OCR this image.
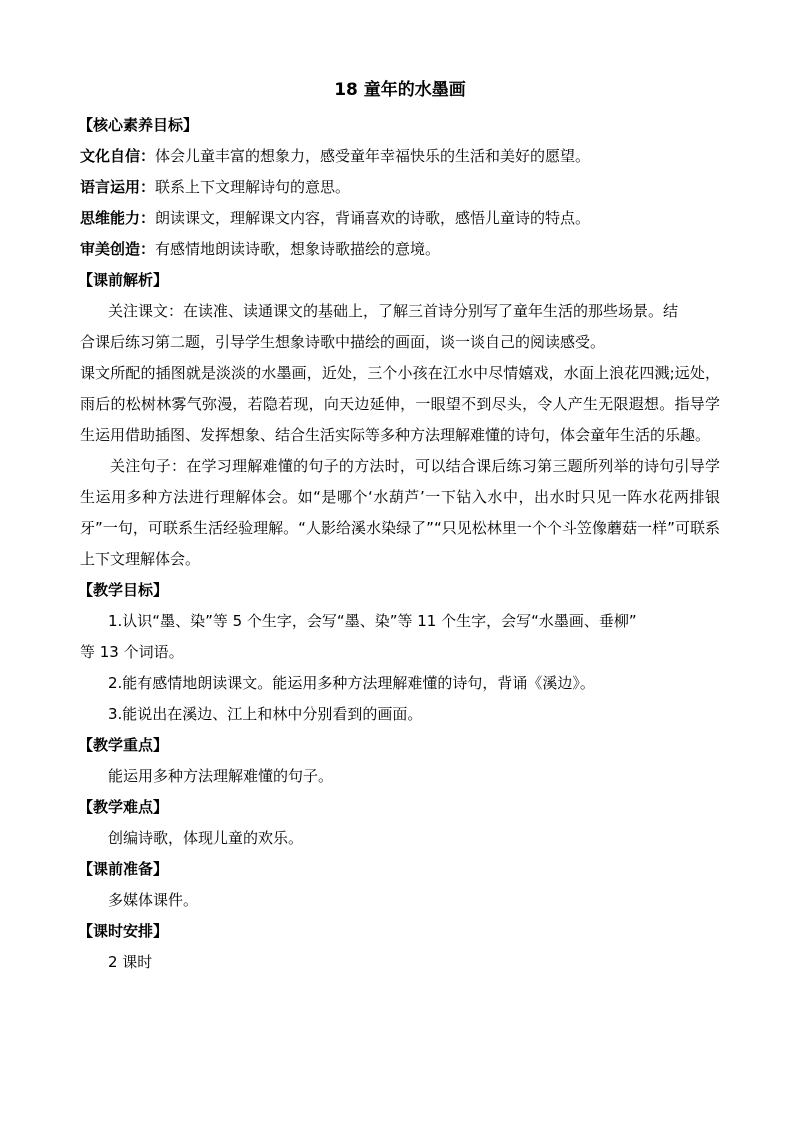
18 童年的水墨画
【核心素养目标】
文化自信：体会儿童丰富的想象力，感受童年幸福快乐的生活和美好的愿望。
语言运用：联系上下文理解诗句的意思。
思维能力：朗读课文，理解课文内容，背诵喜欢的诗歌，感悟儿童诗的特点。
审美创造：有感情地朗读诗歌，想象诗歌描绘的意境。
【课前解析】
关注课文：在读准、读通课文的基础上，了解三首诗分别写了童年生活的那些场景。结
合课后练习第二题，引导学生想象诗歌中描绘的画面，谈一谈自己的阅读感受。
课文所配的插图就是淡淡的水墨画，近处，三个小孩在江水中尽情嬉戏，水面上浪花四溅;远处，雨后的松树林雾气弥漫，若隐若现，向天边延伸，一眼望不到尽头，令人产生无限遐想。指导学生运用借助插图、发挥想象、结合生活实际等多种方法理解难懂的诗句，体会童年生活的乐趣。
关注句子：在学习理解难懂的句子的方法时，可以结合课后练习第三题所列举的诗句引导学生运用多种方法进行理解体会。如“是哪个‘水葫芦’一下钻入水中，出水时只见一阵水花两排银牙”一句，可联系生活经验理解。“人影给溪水染绿了”“只见松林里一个个斗笠像蘑菇一样”可联系上下文理解体会。
【教学目标】
1.认识“墨、染”等 5 个生字，会写“墨、染”等 11 个生字，会写“水墨画、垂柳”
等 13 个词语。
2.能有感情地朗读课文。能运用多种方法理解难懂的诗句，背诵《溪边》。
3.能说出在溪边、江上和林中分别看到的画面。
【教学重点】
能运用多种方法理解难懂的句子。
【教学难点】
创编诗歌，体现儿童的欢乐。
【课前准备】
多媒体课件。
【课时安排】
2 课时
